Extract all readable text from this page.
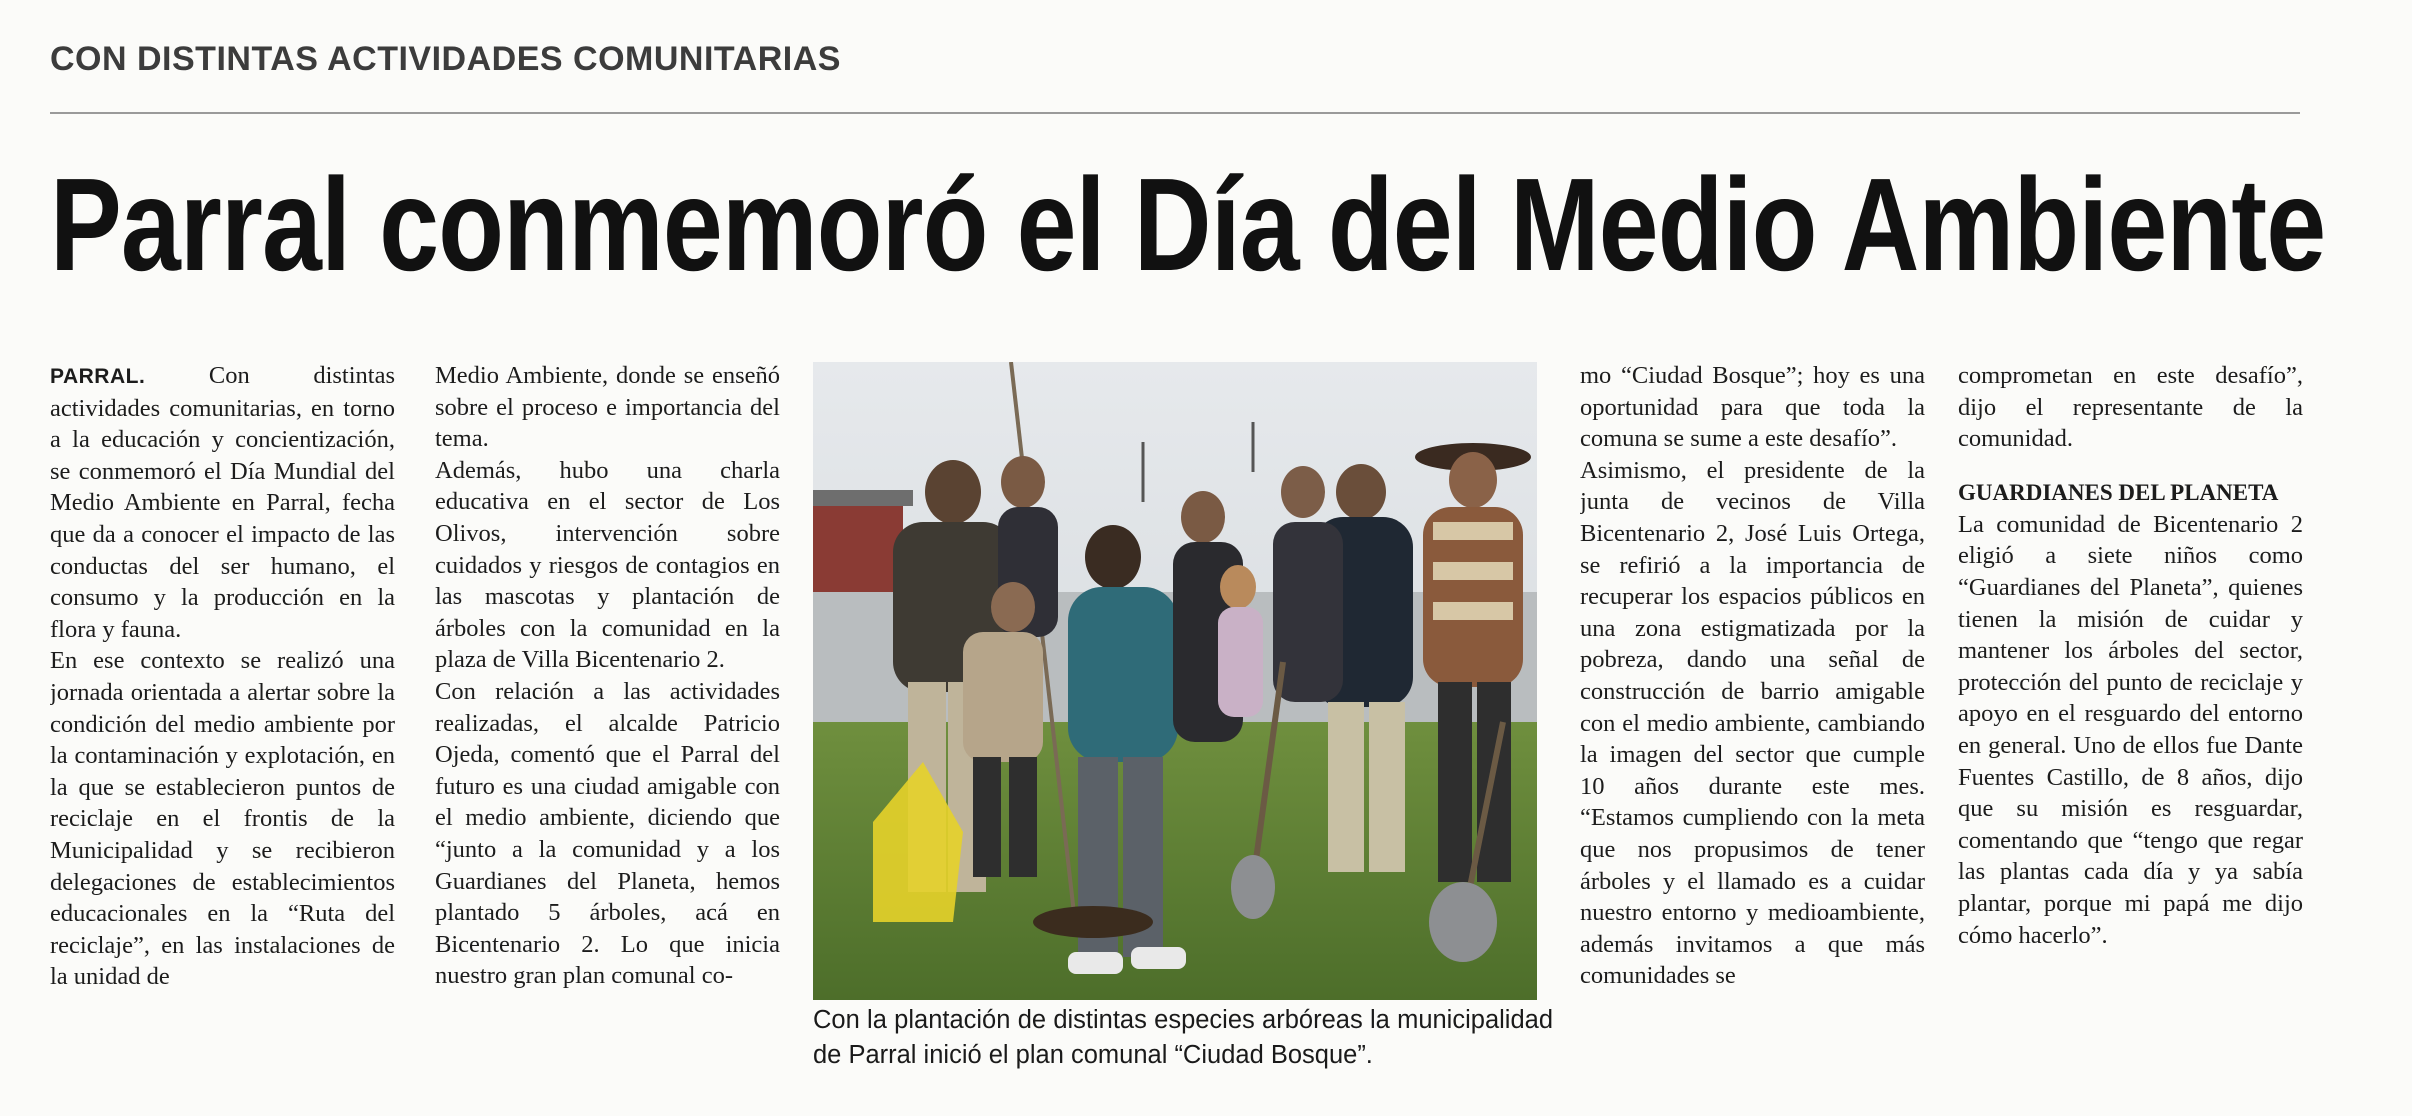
CON DISTINTAS ACTIVIDADES COMUNITARIAS
Parral conmemoró el Día del Medio Ambiente

PARRAL. Con distintas actividades comunitarias, en torno a la educación y concientización, se conmemoró el Día Mundial del Medio Ambiente en Parral, fecha que da a conocer el impacto de las conductas del ser humano, el consumo y la producción en la flora y fauna.

En ese contexto se realizó una jornada orientada a alertar sobre la condición del medio ambiente por la contaminación y explotación, en la que se establecieron puntos de reciclaje en el frontis de la Municipalidad y se recibieron delegaciones de establecimientos educacionales en la “Ruta del reciclaje”, en las instalaciones de la unidad de

Medio Ambiente, donde se enseñó sobre el proceso e importancia del tema.

Además, hubo una charla educativa en el sector de Los Olivos, intervención sobre cuidados y riesgos de contagios en las mascotas y plantación de árboles con la comunidad en la plaza de Villa Bicentenario 2.

Con relación a las actividades realizadas, el alcalde Patricio Ojeda, comentó que el Parral del futuro es una ciudad amigable con el medio ambiente, diciendo que “junto a la comunidad y a los Guardianes del Planeta, hemos plantado 5 árboles, acá en Bicentenario 2. Lo que inicia nuestro gran plan comunal co-

Con la plantación de distintas especies arbóreas la municipalidad de Parral inició el plan comunal “Ciudad Bosque”.

mo “Ciudad Bosque”; hoy es una oportunidad para que toda la comuna se sume a este desafío”.

Asimismo, el presidente de la junta de vecinos de Villa Bicentenario 2, José Luis Ortega, se refirió a la importancia de recuperar los espacios públicos en una zona estigmatizada por la pobreza, dando una señal de construcción de barrio amigable con el medio ambiente, cambiando la imagen del sector que cumple 10 años durante este mes. “Estamos cumpliendo con la meta que nos propusimos de tener árboles y el llamado es a cuidar nuestro entorno y medioambiente, además invitamos a que más comunidades se

comprometan en este desafío”, dijo el representante de la comunidad.

GUARDIANES DEL PLANETA

La comunidad de Bicentenario 2 eligió a siete niños como “Guardianes del Planeta”, quienes tienen la misión de cuidar y mantener los árboles del sector, protección del punto de reciclaje y apoyo en el resguardo del entorno en general. Uno de ellos fue Dante Fuentes Castillo, de 8 años, dijo que su misión es resguardar, comentando que “tengo que regar las plantas cada día y ya sabía plantar, porque mi papá me dijo cómo hacerlo”.
